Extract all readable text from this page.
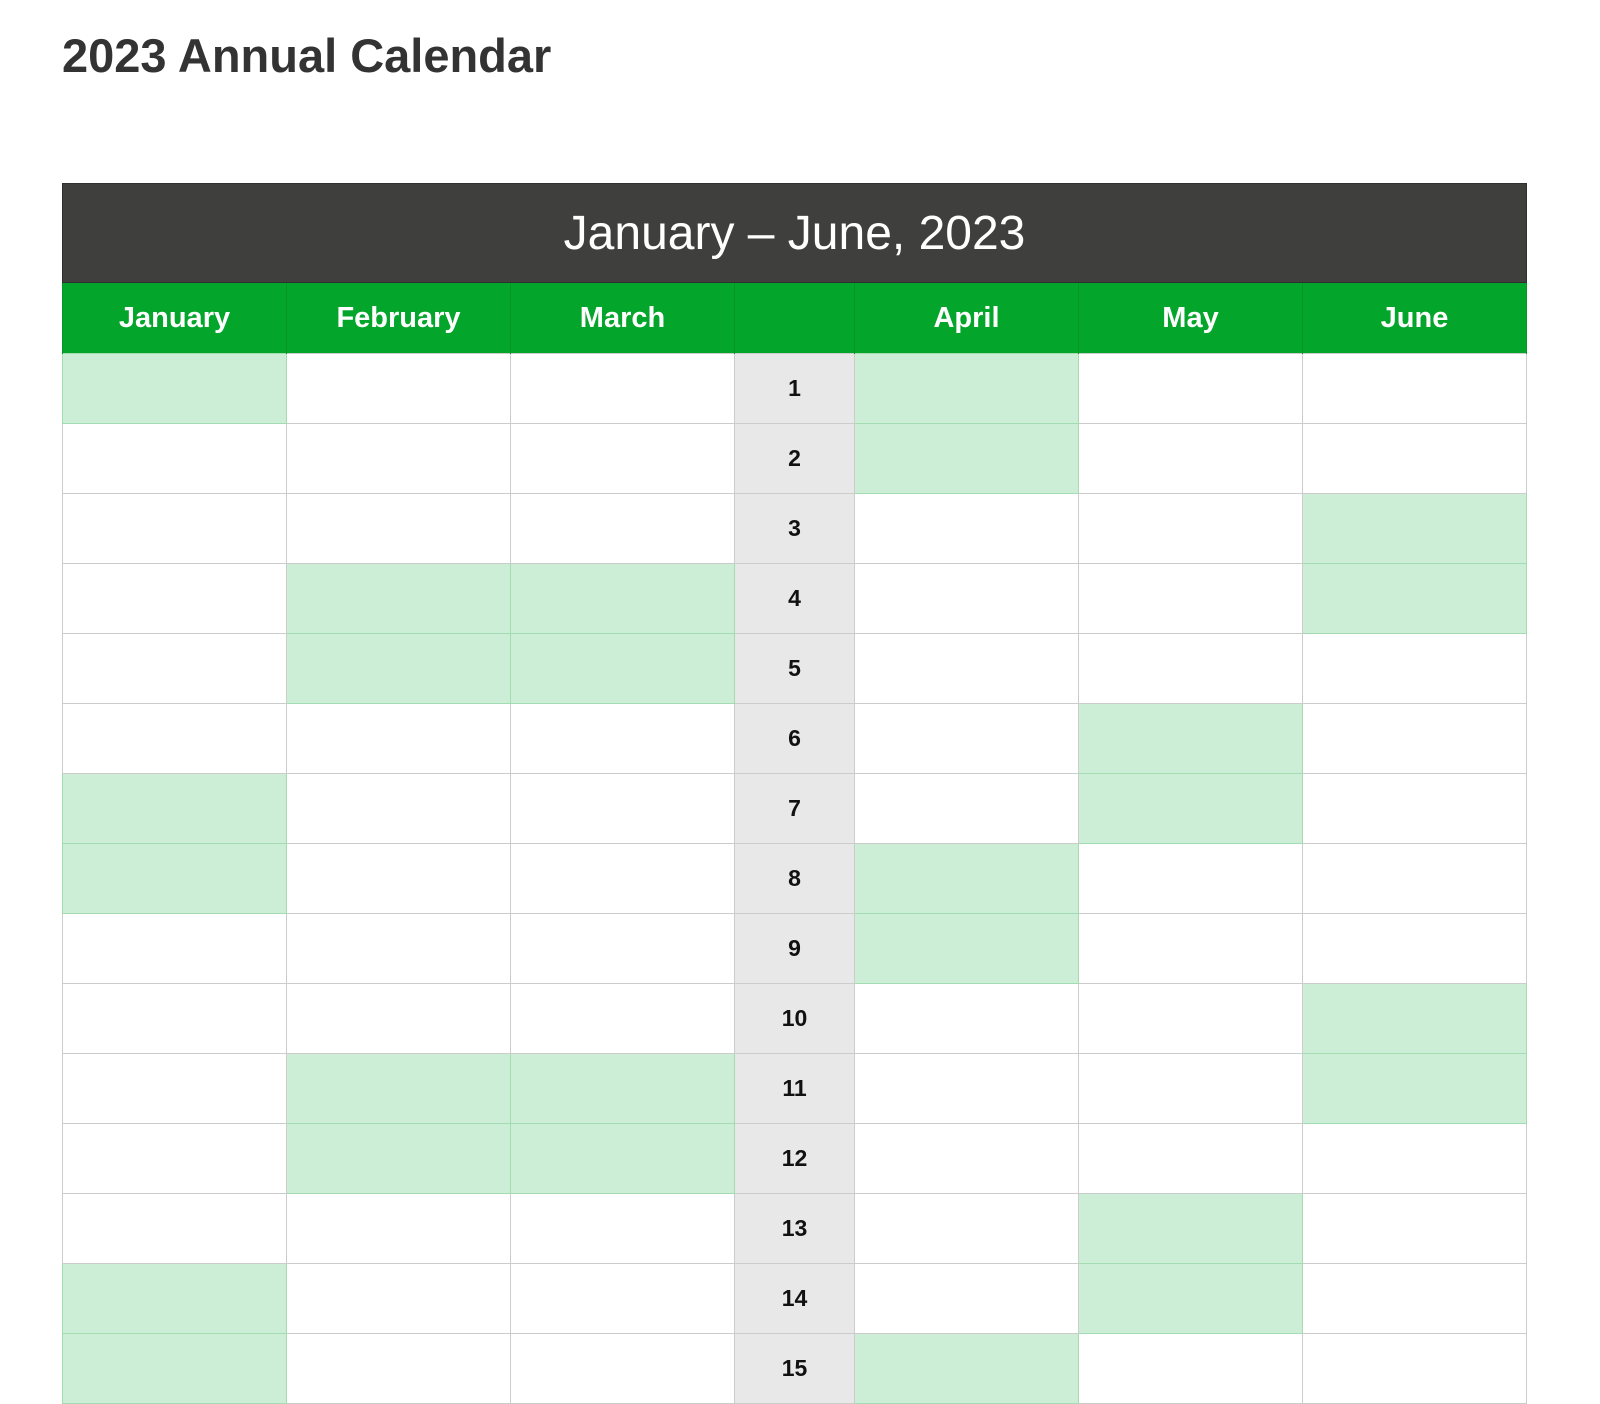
2023 Annual Calendar
January – June, 2023						
January	February	March		April	May	June
			1			
			2			
			3			
			4			
			5			
			6			
			7			
			8			
			9			
			10			
			11			
			12			
			13			
			14			
			15			
